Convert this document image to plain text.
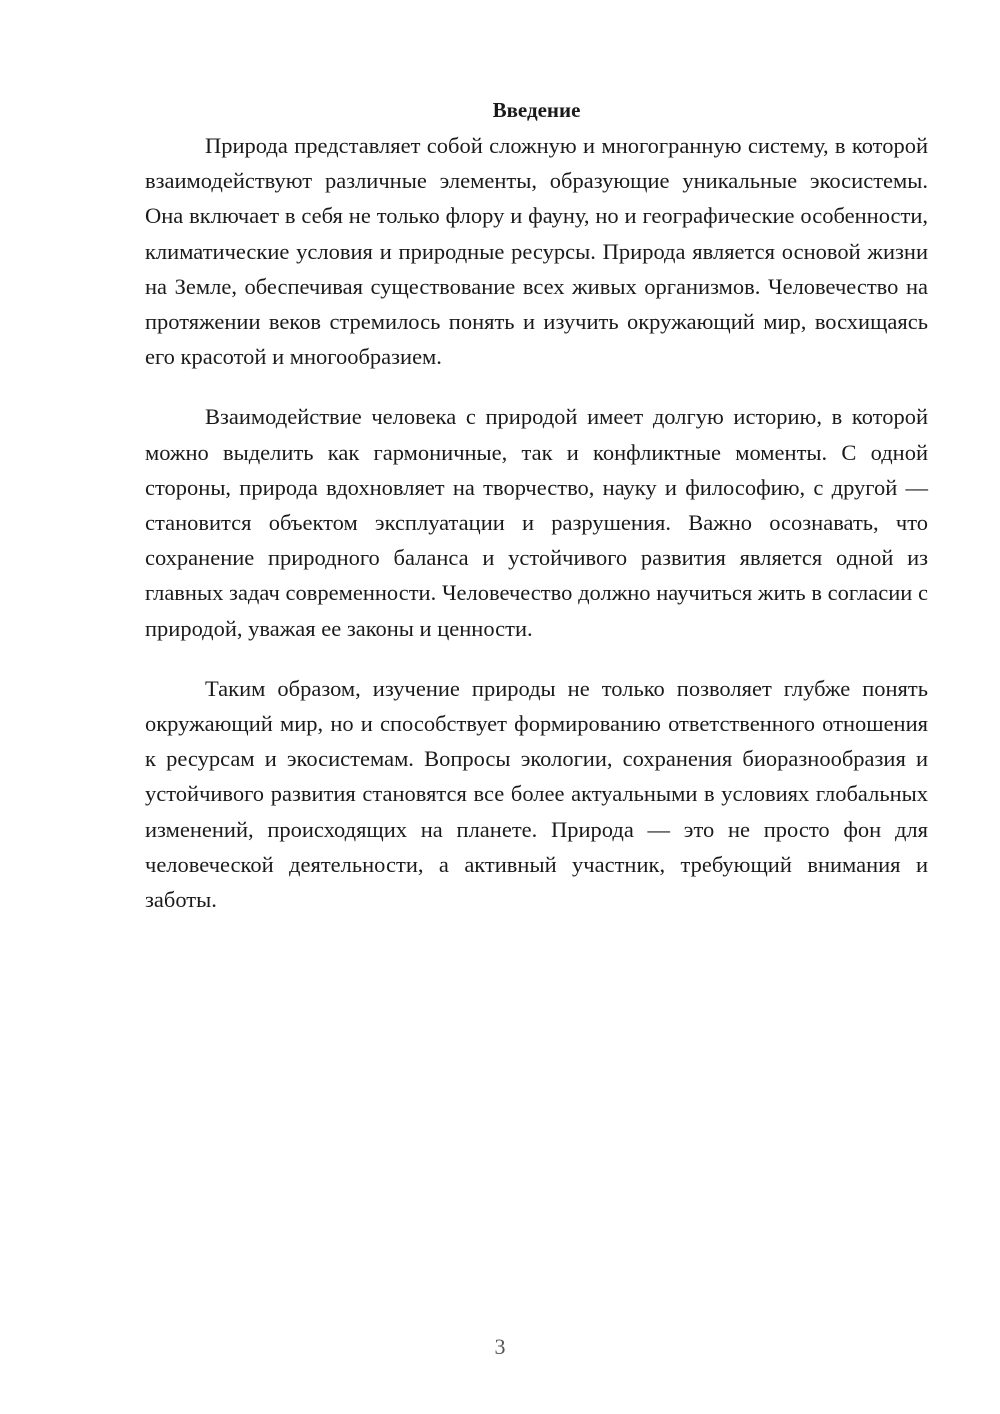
Введение

Природа представляет собой сложную и многогранную систему, в которой взаимодействуют различные элементы, образующие уникальные экосистемы. Она включает в себя не только флору и фауну, но и географические особенности, климатические условия и природные ресурсы. Природа является основой жизни на Земле, обеспечивая существование всех живых организмов. Человечество на протяжении веков стремилось понять и изучить окружающий мир, восхищаясь его красотой и многообразием.

Взаимодействие человека с природой имеет долгую историю, в которой можно выделить как гармоничные, так и конфликтные моменты. С одной стороны, природа вдохновляет на творчество, науку и философию, с другой — становится объектом эксплуатации и разрушения. Важно осознавать, что сохранение природного баланса и устойчивого развития является одной из главных задач современности. Человечество должно научиться жить в согласии с природой, уважая ее законы и ценности.

Таким образом, изучение природы не только позволяет глубже понять окружающий мир, но и способствует формированию ответственного отношения к ресурсам и экосистемам. Вопросы экологии, сохранения биоразнообразия и устойчивого развития становятся все более актуальными в условиях глобальных изменений, происходящих на планете. Природа — это не просто фон для человеческой деятельности, а активный участник, требующий внимания и заботы.

3
